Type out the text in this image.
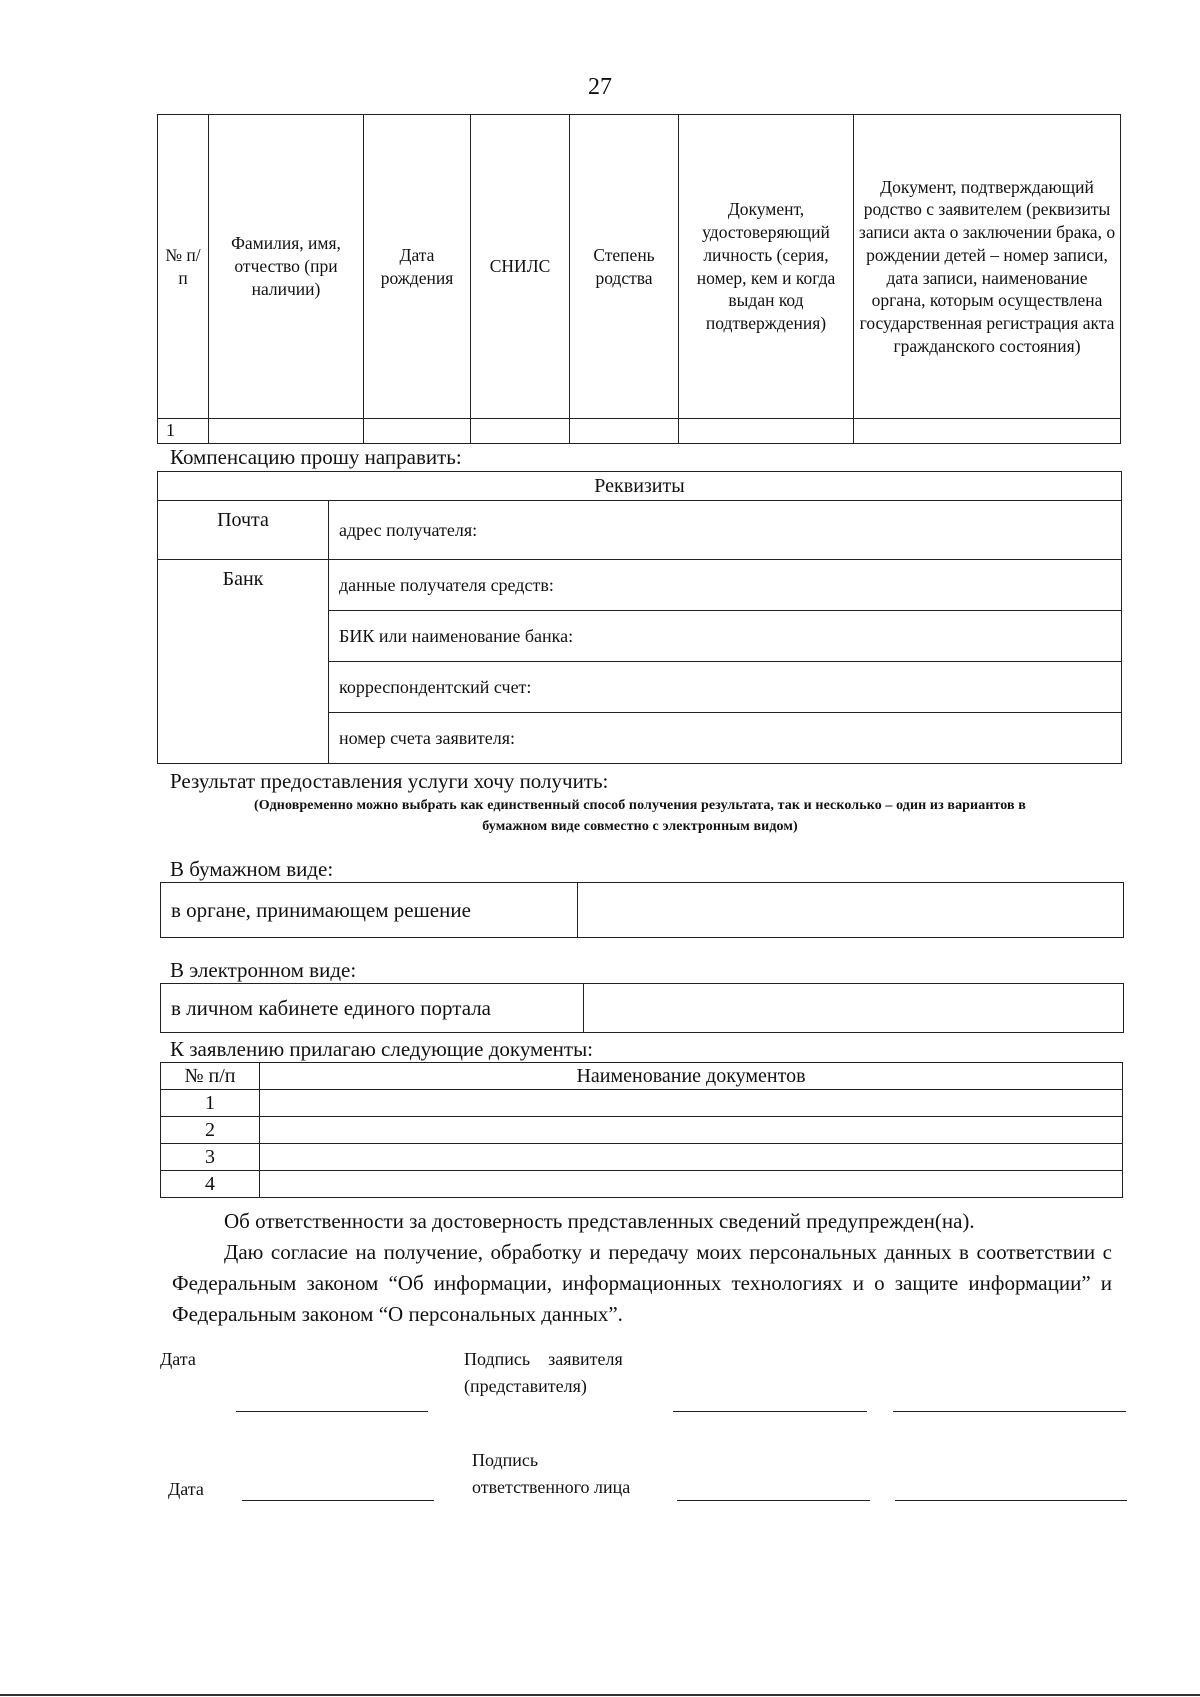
27
№ п/п	Фамилия, имя, отчество (при наличии)	Дата рождения	СНИЛС	Степень родства	Документ, удостоверяющий личность (серия, номер, кем и когда выдан код подтверждения)	Документ, подтверждающий родство с заявителем (реквизиты записи акта о заключении брака, о рождении детей – номер записи, дата записи, наименование органа, которым осуществлена государственная регистрация акта гражданского состояния)
1						
Компенсацию прошу направить:
Реквизиты	
Почта	адрес получателя:
Банк	данные получателя средств:
	БИК или наименование банка:
	корреспондентский счет:
	номер счета заявителя:
Результат предоставления услуги хочу получить:
(Одновременно можно выбрать как единственный способ получения результата, так и несколько – один из вариантов в
бумажном виде совместно с электронным видом)
В бумажном виде:
в органе, принимающем решение	
В электронном виде:
в личном кабинете единого портала	
К заявлению прилагаю следующие документы:
№ п/п	Наименование документов
1	
2	
3	
4	
Об ответственности за достоверность представленных сведений предупрежден(на).
Даю согласие на получение, обработку и передачу моих персональных данных в соответствии с Федеральным законом “Об информации, информационных технологиях и о защите информации” и Федеральным законом “О персональных данных”.
Дата	Подпись    заявителя
(представителя)
Подпись
ответственного лица
Дата
